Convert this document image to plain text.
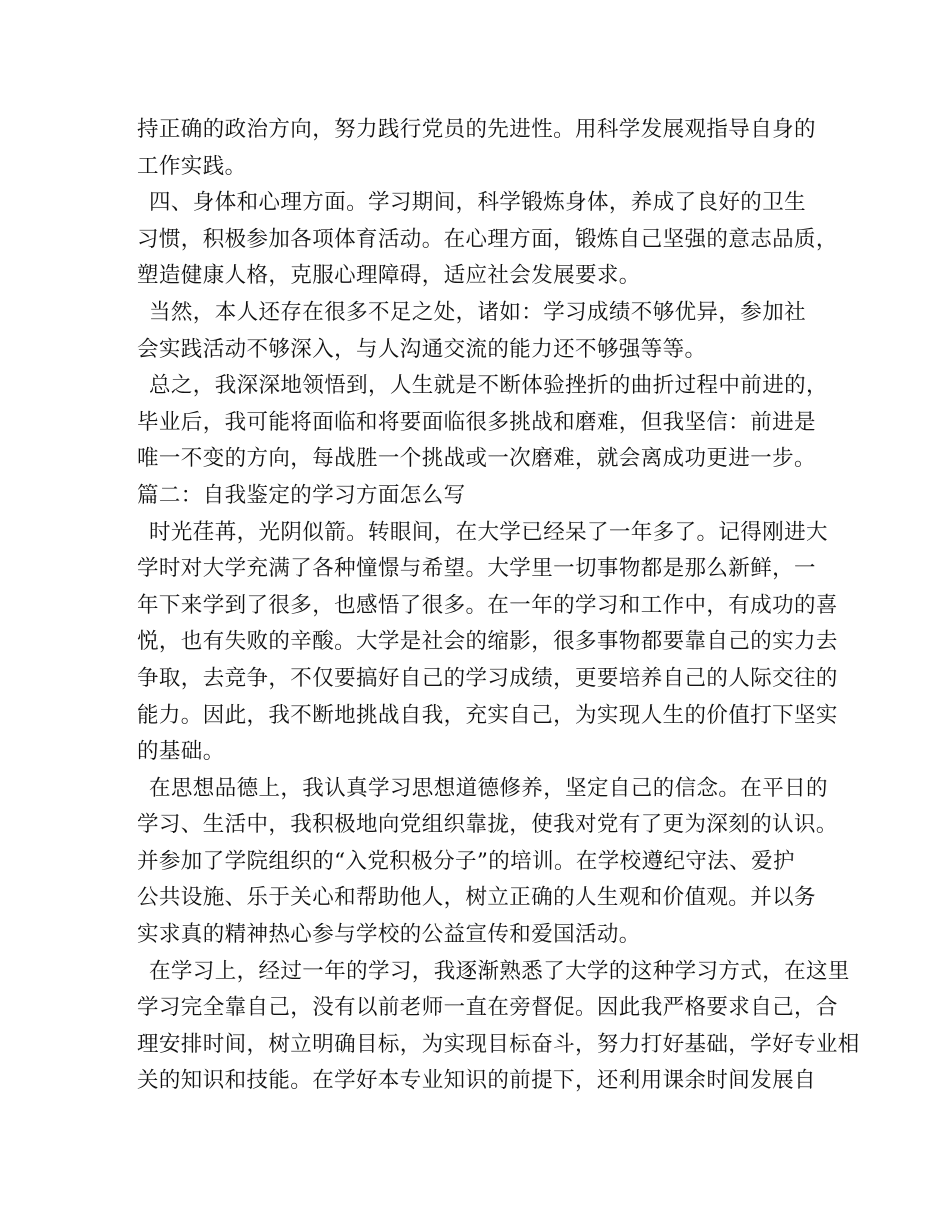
持正确的政治方向，努力践行党员的先进性。用科学发展观指导自身的
工作实践。
四、身体和心理方面。学习期间，科学锻炼身体，养成了良好的卫生
习惯，积极参加各项体育活动。在心理方面，锻炼自己坚强的意志品质，
塑造健康人格，克服心理障碍，适应社会发展要求。
当然，本人还存在很多不足之处，诸如：学习成绩不够优异，参加社
会实践活动不够深入，与人沟通交流的能力还不够强等等。
总之，我深深地领悟到，人生就是不断体验挫折的曲折过程中前进的，
毕业后，我可能将面临和将要面临很多挑战和磨难，但我坚信：前进是
唯一不变的方向，每战胜一个挑战或一次磨难，就会离成功更进一步。
篇二：自我鉴定的学习方面怎么写
时光荏苒，光阴似箭。转眼间，在大学已经呆了一年多了。记得刚进大
学时对大学充满了各种憧憬与希望。大学里一切事物都是那么新鲜，一
年下来学到了很多，也感悟了很多。在一年的学习和工作中，有成功的喜
悦，也有失败的辛酸。大学是社会的缩影，很多事物都要靠自己的实力去
争取，去竞争，不仅要搞好自己的学习成绩，更要培养自己的人际交往的
能力。因此，我不断地挑战自我，充实自己，为实现人生的价值打下坚实
的基础。
在思想品德上，我认真学习思想道德修养，坚定自己的信念。在平日的
学习、生活中，我积极地向党组织靠拢，使我对党有了更为深刻的认识。
并参加了学院组织的“入党积极分子”的培训。在学校遵纪守法、爱护
公共设施、乐于关心和帮助他人，树立正确的人生观和价值观。并以务
实求真的精神热心参与学校的公益宣传和爱国活动。
在学习上，经过一年的学习，我逐渐熟悉了大学的这种学习方式，在这里
学习完全靠自己，没有以前老师一直在旁督促。因此我严格要求自己，合
理安排时间，树立明确目标，为实现目标奋斗，努力打好基础，学好专业相
关的知识和技能。在学好本专业知识的前提下，还利用课余时间发展自
